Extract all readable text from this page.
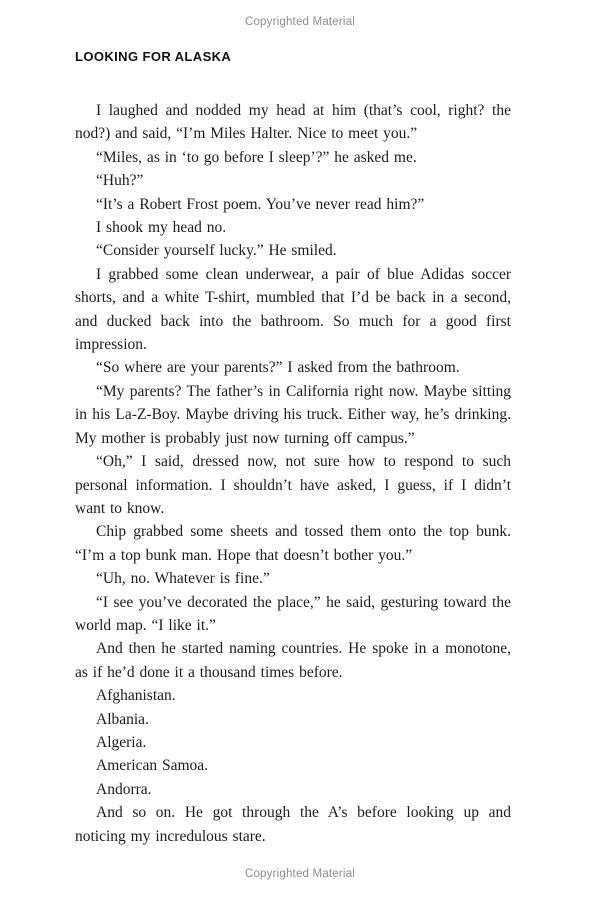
Copyrighted Material
LOOKING FOR ALASKA

I laughed and nodded my head at him (that’s cool, right? the nod?) and said, “I’m Miles Halter. Nice to meet you.”

“Miles, as in ‘to go before I sleep’?” he asked me.

“Huh?”

“It’s a Robert Frost poem. You’ve never read him?”

I shook my head no.

“Consider yourself lucky.” He smiled.

I grabbed some clean underwear, a pair of blue Adidas soccer shorts, and a white T-shirt, mumbled that I’d be back in a second, and ducked back into the bathroom. So much for a good first impression.

“So where are your parents?” I asked from the bathroom.

“My parents? The father’s in California right now. Maybe sitting in his La-Z-Boy. Maybe driving his truck. Either way, he’s drinking. My mother is probably just now turning off campus.”

“Oh,” I said, dressed now, not sure how to respond to such personal information. I shouldn’t have asked, I guess, if I didn’t want to know.

Chip grabbed some sheets and tossed them onto the top bunk. “I’m a top bunk man. Hope that doesn’t bother you.”

“Uh, no. Whatever is fine.”

“I see you’ve decorated the place,” he said, gesturing toward the world map. “I like it.”

And then he started naming countries. He spoke in a monotone, as if he’d done it a thousand times before.

Afghanistan.

Albania.

Algeria.

American Samoa.

Andorra.

And so on. He got through the A’s before looking up and noticing my incredulous stare.

Copyrighted Material
